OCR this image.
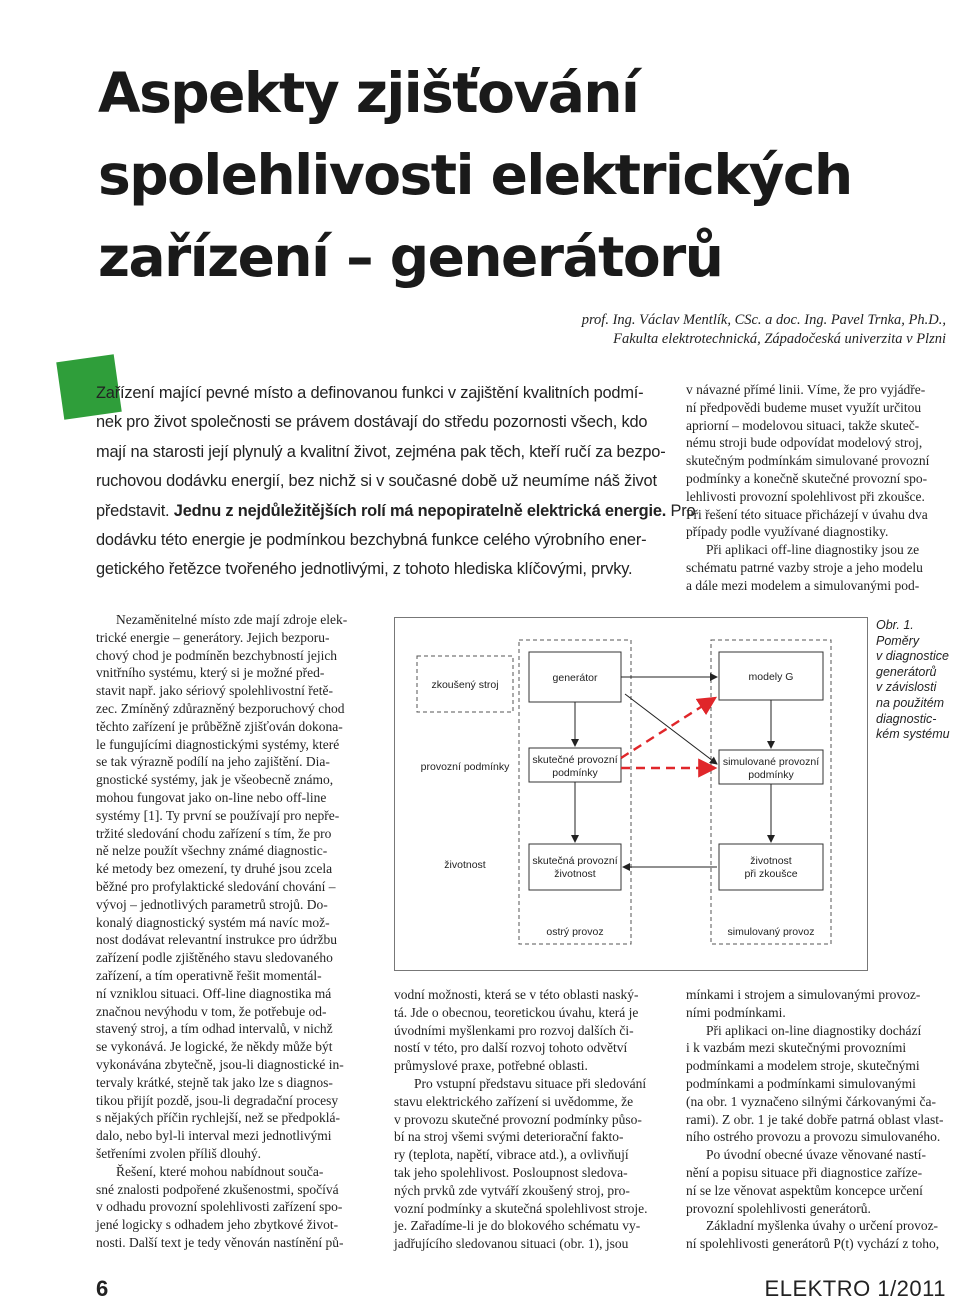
Aspekty zjišťování
spolehlivosti elektrických
zařízení – generátorů
prof. Ing. Václav Mentlík, CSc. a doc. Ing. Pavel Trnka, Ph.D.,
Fakulta elektrotechnická, Západočeská univerzita v Plzni
Zařízení mající pevné místo a definovanou funkci v zajištění kvalitních podmí-
nek pro život společnosti se právem dostávají do středu pozornosti všech, kdo
mají na starosti její plynulý a kvalitní život, zejména pak těch, kteří ručí za bezpo-
ruchovou dodávku energií, bez nichž si v současné době už neumíme náš život
představit. Jednu z nejdůležitějších rolí má nepopiratelně elektrická energie. Pro
dodávku této energie je podmínkou bezchybná funkce celého výrobního ener-
getického řetězce tvořeného jednotlivými, z tohoto hlediska klíčovými, prvky.
Nezaměnitelné místo zde mají zdroje elek-
trické energie – generátory. Jejich bezporu-
chový chod je podmíněn bezchybností jejich
vnitřního systému, který si je možné před-
stavit např. jako sériový spolehlivostní řetě-
zec. Zmíněný zdůrazněný bezporuchový chod
těchto zařízení je průběžně zjišťován dokona-
le fungujícími diagnostickými systémy, které
se tak výrazně podílí na jeho zajištění. Dia-
gnostické systémy, jak je všeobecně známo,
mohou fungovat jako on-line nebo off-line
systémy [1]. Ty první se používají pro nepře-
tržité sledování chodu zařízení s tím, že pro
ně nelze použít všechny známé diagnostic-
ké metody bez omezení, ty druhé jsou zcela
běžné pro profylaktické sledování chování –
vývoj – jednotlivých parametrů strojů. Do-
konalý diagnostický systém má navíc mož-
nost dodávat relevantní instrukce pro údržbu
zařízení podle zjištěného stavu sledovaného
zařízení, a tím operativně řešit momentál-
ní vzniklou situaci. Off-line diagnostika má
značnou nevýhodu v tom, že potřebuje od-
stavený stroj, a tím odhad intervalů, v nichž
se vykonává. Je logické, že někdy může být
vykonávána zbytečně, jsou-li diagnostické in-
tervaly krátké, stejně tak jako lze s diagnos-
tikou přijít pozdě, jsou-li degradační procesy
s nějakých příčin rychlejší, než se předpoklá-
dalo, nebo byl-li interval mezi jednotlivými
šetřeními zvolen příliš dlouhý.
Řešení, které mohou nabídnout souča-
sné znalosti podpořené zkušenostmi, spočívá
v odhadu provozní spolehlivosti zařízení spo-
jené logicky s odhadem jeho zbytkové život-
nosti. Další text je tedy věnován nastínění pů-
vodní možnosti, která se v této oblasti naský-
tá. Jde o obecnou, teoretickou úvahu, která je
úvodními myšlenkami pro rozvoj dalších či-
ností v této, pro další rozvoj tohoto odvětví
průmyslové praxe, potřebné oblasti.
Pro vstupní představu situace při sledování
stavu elektrického zařízení si uvědomme, že
v provozu skutečné provozní podmínky půso-
bí na stroj všemi svými deteriorační fakto-
ry (teplota, napětí, vibrace atd.), a ovlivňují
tak jeho spolehlivost. Posloupnost sledova-
ných prvků zde vytváří zkoušený stroj, pro-
vozní podmínky a skutečná spolehlivost stroje.
je. Zařadíme-li je do blokového schématu vy-
jadřujícího sledovanou situaci (obr. 1), jsou
v návazné přímé linii. Víme, že pro vyjádře-
ní předpovědi budeme muset využít určitou
apriorní – modelovou situaci, takže skuteč-
nému stroji bude odpovídat modelový stroj,
skutečným podmínkám simulované provozní
podmínky a konečně skutečné provozní spo-
lehlivosti provozní spolehlivost při zkoušce.
Při řešení této situace přicházejí v úvahu dva
případy podle využívané diagnostiky.
Při aplikaci off-line diagnostiky jsou ze
schématu patrné vazby stroje a jeho modelu
a dále mezi modelem a simulovanými pod-
mínkami i strojem a simulovanými provoz-
ními podmínkami.
Při aplikaci on-line diagnostiky dochází
i k vazbám mezi skutečnými provozními
podmínkami a modelem stroje, skutečnými
podmínkami a podmínkami simulovanými
(na obr. 1 vyznačeno silnými čárkovanými ča-
rami). Z obr. 1 je také dobře patrná oblast vlast-
ního ostrého provozu a provozu simulovaného.
Po úvodní obecné úvaze věnované nastí-
nění a popisu situace při diagnostice zaříze-
ní se lze věnovat aspektům koncepce určení
provozní spolehlivosti generátorů.
Základní myšlenka úvahy o určení provoz-
ní spolehlivosti generátorů P(t) vychází z toho,
zkoušený stroj
provozní podmínky
životnost
generátor
skutečné provozní
podmínky
skutečná provozní
životnost
modely G
simulované provozní
podmínky
životnost
při zkoušce
ostrý provoz	simulovaný provoz
Obr. 1.
Poměry
v diagnostice
generátorů
v závislosti
na použitém
diagnostic-
kém systému
6	ELEKTRO 1/2011
